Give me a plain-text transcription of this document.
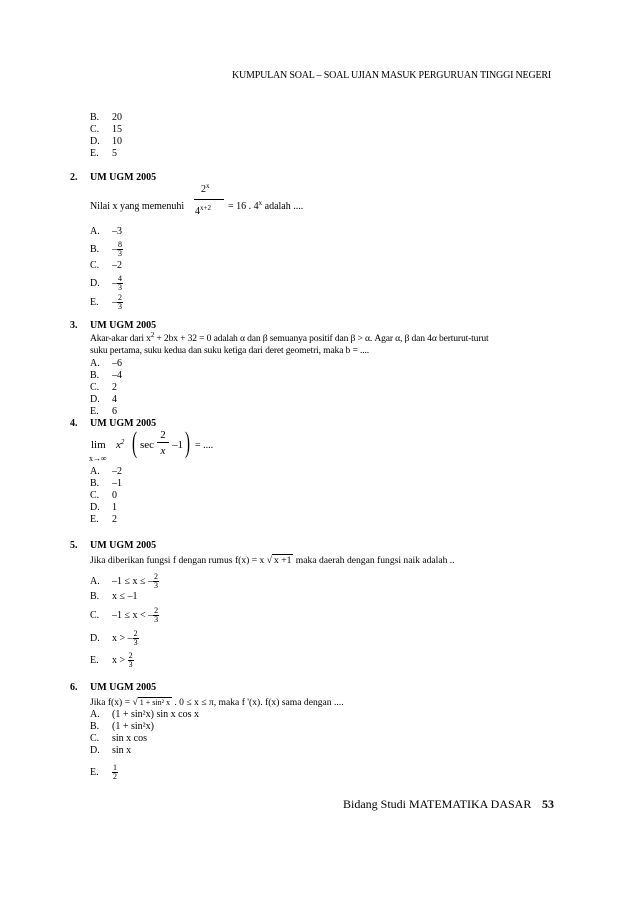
KUMPULAN SOAL – SOAL UJIAN MASUK PERGURUAN TINGGI NEGERI
B. 20
C. 15
D. 10
E. 5
2. UM UGM 2005
Nilai x yang memenuhi
2$^x$
$4^{x+2} = 16$ . 4$^x$ adalah ....
A. –3
B. – $\frac{8}{3}$
C. –2
D. – $\frac{4}{3}$
E. – $\frac{2}{3}$
3. UM UGM 2005
Akar-akar dari $x^2 + 2bx + 32 = 0$ adalah α dan β semuanya positif dan β > α. Agar α, β dan 4α berturut-turut
suku pertama, suku kedua dan suku ketiga dari deret geometri, maka b = ....
A. –6
B. –4
C. 2
D. 4
E. 6
4. UM UGM 2005
lim
x→∞
$x^2$ ( sec
2
x –1 ) = ....
A. –2
B. –1
C. 0
D. 1
E. 2
5. UM UGM 2005
Jika diberikan fungsi f dengan rumus f(x) = x √ x +1 maka daerah dengan fungsi naik adalah ..
A. –1 ≤ x ≤ – $\frac{2}{3}$
B. x ≤ –1
C. –1 ≤ x < – $\frac{2}{3}$
D. x > – $\frac{2}{3}$
E. $x > \frac{2}{3}$
6. UM UGM 2005
Jika f(x) = √ 1 + sin² x . 0 ≤ x ≤ π, maka f '(x). f(x) sama dengan ....
A. (1 + sin²x) sin x cos x
B. (1 + sin²x)
C. sin x cos
D. sin x
E. $\frac{1}{2}$
Bidang Studi MATEMATIKA DASAR 53
